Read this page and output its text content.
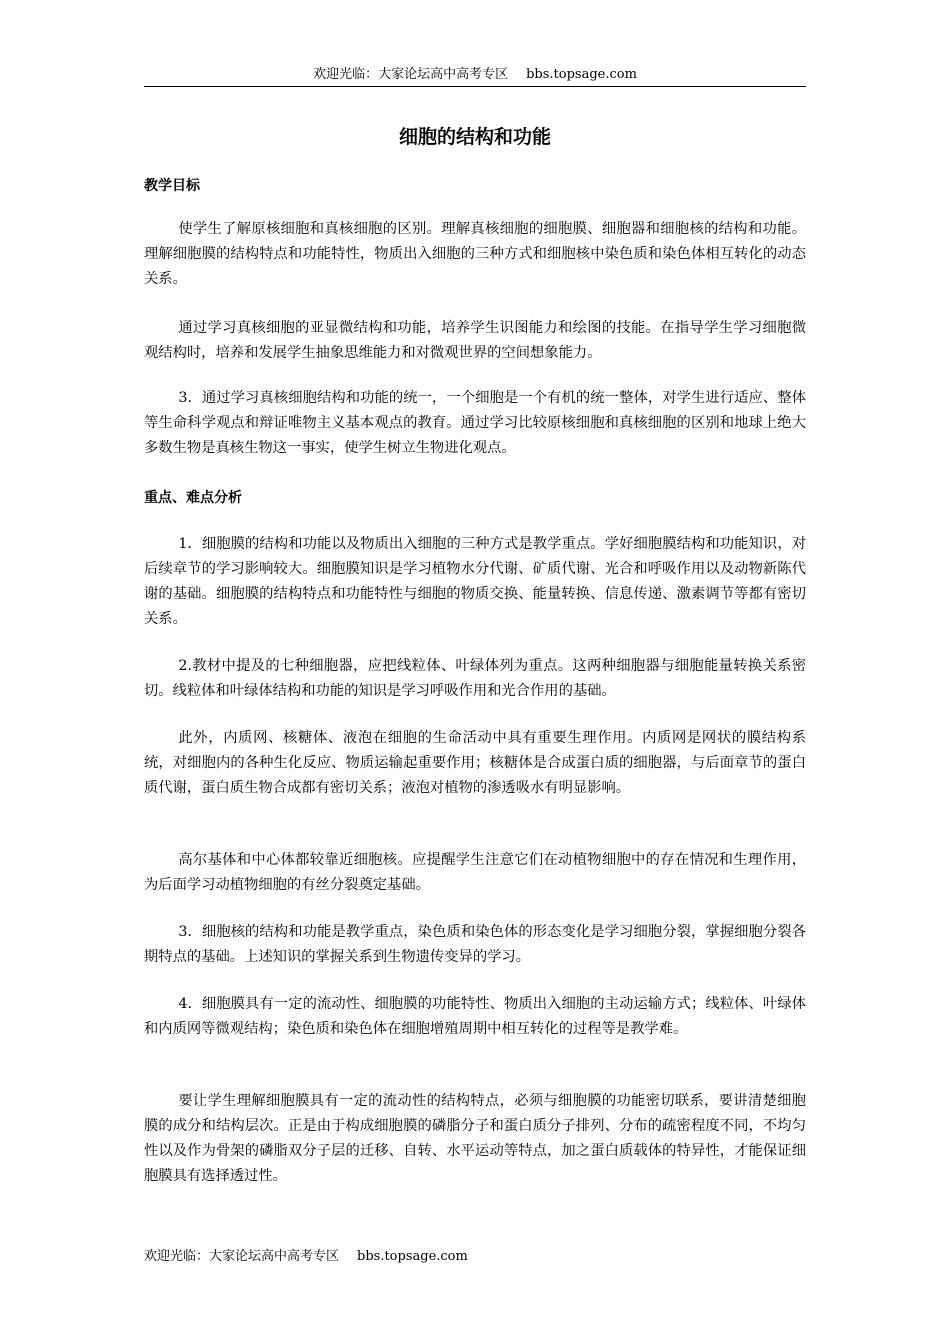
欢迎光临：大家论坛高中高考专区 bbs.topsage.com
细胞的结构和功能
教学目标

使学生了解原核细胞和真核细胞的区别。理解真核细胞的细胞膜、细胞器和细胞核的结构和功能。理解细胞膜的结构特点和功能特性，物质出入细胞的三种方式和细胞核中染色质和染色体相互转化的动态关系。

通过学习真核细胞的亚显微结构和功能，培养学生识图能力和绘图的技能。在指导学生学习细胞微观结构时，培养和发展学生抽象思维能力和对微观世界的空间想象能力。

3．通过学习真核细胞结构和功能的统一，一个细胞是一个有机的统一整体，对学生进行适应、整体等生命科学观点和辩证唯物主义基本观点的教育。通过学习比较原核细胞和真核细胞的区别和地球上绝大多数生物是真核生物这一事实，使学生树立生物进化观点。

重点、难点分析

1．细胞膜的结构和功能以及物质出入细胞的三种方式是教学重点。学好细胞膜结构和功能知识，对后续章节的学习影响较大。细胞膜知识是学习植物水分代谢、矿质代谢、光合和呼吸作用以及动物新陈代谢的基础。细胞膜的结构特点和功能特性与细胞的物质交换、能量转换、信息传递、激素调节等都有密切关系。

2.教材中提及的七种细胞器，应把线粒体、叶绿体列为重点。这两种细胞器与细胞能量转换关系密切。线粒体和叶绿体结构和功能的知识是学习呼吸作用和光合作用的基础。

此外，内质网、核糖体、液泡在细胞的生命活动中具有重要生理作用。内质网是网状的膜结构系统，对细胞内的各种生化反应、物质运输起重要作用；核糖体是合成蛋白质的细胞器，与后面章节的蛋白质代谢，蛋白质生物合成都有密切关系；液泡对植物的渗透吸水有明显影响。

高尔基体和中心体都较靠近细胞核。应提醒学生注意它们在动植物细胞中的存在情况和生理作用，为后面学习动植物细胞的有丝分裂奠定基础。

3．细胞核的结构和功能是教学重点，染色质和染色体的形态变化是学习细胞分裂，掌握细胞分裂各期特点的基础。上述知识的掌握关系到生物遗传变异的学习。

4．细胞膜具有一定的流动性、细胞膜的功能特性、物质出入细胞的主动运输方式；线粒体、叶绿体和内质网等微观结构；染色质和染色体在细胞增殖周期中相互转化的过程等是教学难。

要让学生理解细胞膜具有一定的流动性的结构特点，必须与细胞膜的功能密切联系，要讲清楚细胞膜的成分和结构层次。正是由于构成细胞膜的磷脂分子和蛋白质分子排列、分布的疏密程度不同，不均匀性以及作为骨架的磷脂双分子层的迁移、自转、水平运动等特点，加之蛋白质载体的特异性，才能保证细胞膜具有选择透过性。

欢迎光临：大家论坛高中高考专区 bbs.topsage.com
